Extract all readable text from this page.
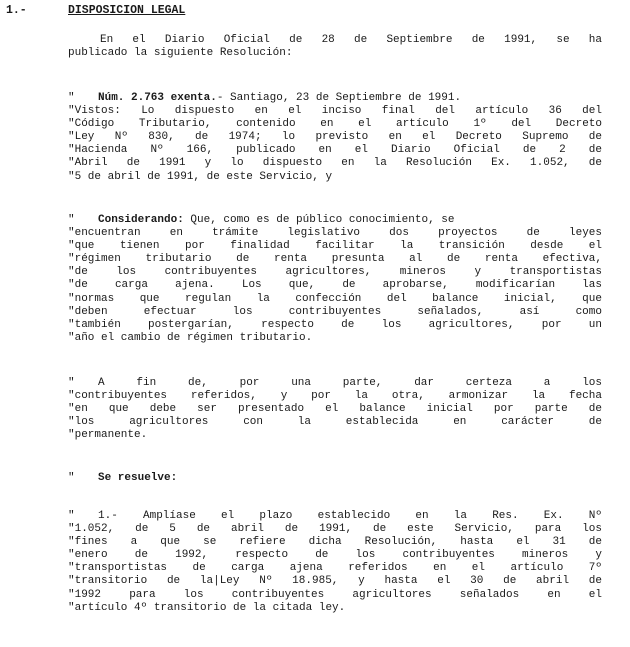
1.-	DISPOSICION LEGAL
En el Diario Oficial de 28 de Septiembre de 1991, se ha
publicado la siguiente Resolución:
" Núm. 2.763 exenta.- Santiago, 23 de Septiembre de 1991.
"Vistos: Lo dispuesto en el inciso final del artículo 36 del
"Código Tributario, contenido en el artículo 1º del Decreto
"Ley Nº 830, de 1974; lo previsto en el Decreto Supremo de
"Hacienda Nº 166, publicado en el Diario Oficial de 2 de
"Abril de 1991 y lo dispuesto en la Resolución Ex. 1.052, de
"5 de abril de 1991, de este Servicio, y
" Considerando: Que, como es de público conocimiento, se
"encuentran en trámite legislativo dos proyectos de leyes
"que tienen por finalidad facilitar la transición desde el
"régimen tributario de renta presunta al de renta efectiva,
"de los contribuyentes agricultores, mineros y transportistas
"de carga ajena. Los que, de aprobarse, modificarían las
"normas que regulan la confección del balance inicial, que
"deben efectuar los contribuyentes señalados, así como
"también postergarían, respecto de los agricultores, por un
"año el cambio de régimen tributario.
"	A fin de, por una parte, dar certeza a los
"contribuyentes referidos, y por la otra, armonizar la fecha
"en que debe ser presentado el balance inicial por parte de
"los agricultores con la establecida en carácter de
"permanente.
" Se resuelve:
"	1.- Amplíase el plazo establecido en la Res. Ex. Nº
"1.052, de 5 de abril de 1991, de este Servicio, para los
"fines a que se refiere dicha Resolución, hasta el 31 de
"enero de 1992, respecto de los contribuyentes mineros y
"transportistas de carga ajena referidos en el artículo 7º
"transitorio de la|Ley Nº 18.985, y hasta el 30 de abril de
"1992 para los contribuyentes agricultores señalados en el
"artículo 4º transitorio de la citada ley.
